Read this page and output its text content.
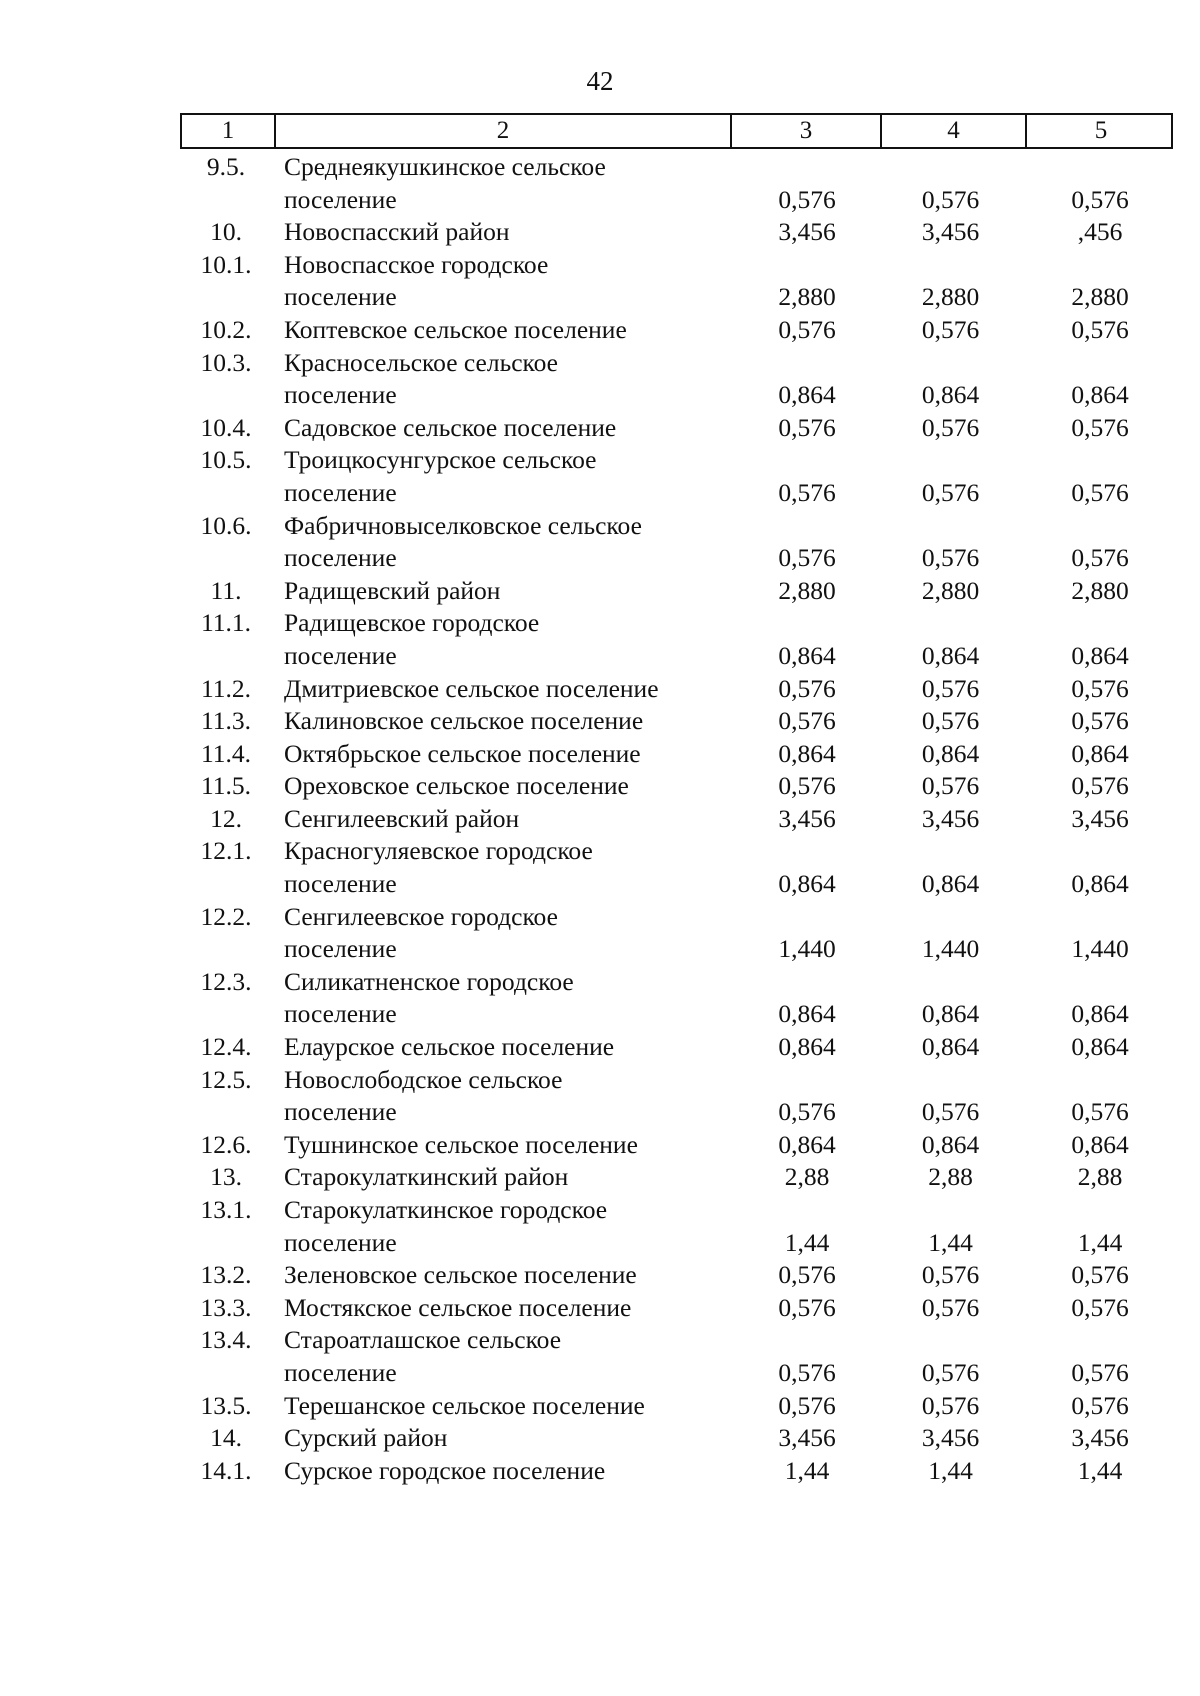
42
1	2	3	4	5
9.5.	Среднеякушкинское сельское
поселение	0,576	0,576	0,576
10.	Новоспасский район	3,456	3,456	,456
10.1.	Новоспасское городское
поселение	2,880	2,880	2,880
10.2.	Коптевское сельское поселение	0,576	0,576	0,576
10.3.	Красносельское сельское
поселение	0,864	0,864	0,864
10.4.	Садовское сельское поселение	0,576	0,576	0,576
10.5.	Троицкосунгурское сельское
поселение	0,576	0,576	0,576
10.6.	Фабричновыселковское сельское
поселение	0,576	0,576	0,576
11.	Радищевский район	2,880	2,880	2,880
11.1.	Радищевское городское
поселение	0,864	0,864	0,864
11.2.	Дмитриевское сельское поселение	0,576	0,576	0,576
11.3.	Калиновское сельское поселение	0,576	0,576	0,576
11.4.	Октябрьское сельское поселение	0,864	0,864	0,864
11.5.	Ореховское сельское поселение	0,576	0,576	0,576
12.	Сенгилеевский район	3,456	3,456	3,456
12.1.	Красногуляевское городское
поселение	0,864	0,864	0,864
12.2.	Сенгилеевское городское
поселение	1,440	1,440	1,440
12.3.	Силикатненское городское
поселение	0,864	0,864	0,864
12.4.	Елаурское сельское поселение	0,864	0,864	0,864
12.5.	Новослободское сельское
поселение	0,576	0,576	0,576
12.6.	Тушнинское сельское поселение	0,864	0,864	0,864
13.	Старокулаткинский район	2,88	2,88	2,88
13.1.	Старокулаткинское городское
поселение	1,44	1,44	1,44
13.2.	Зеленовское сельское поселение	0,576	0,576	0,576
13.3.	Мостякское сельское поселение	0,576	0,576	0,576
13.4.	Староатлашское сельское
поселение	0,576	0,576	0,576
13.5.	Терешанское сельское поселение	0,576	0,576	0,576
14.	Сурский район	3,456	3,456	3,456
14.1.	Сурское городское поселение	1,44	1,44	1,44
